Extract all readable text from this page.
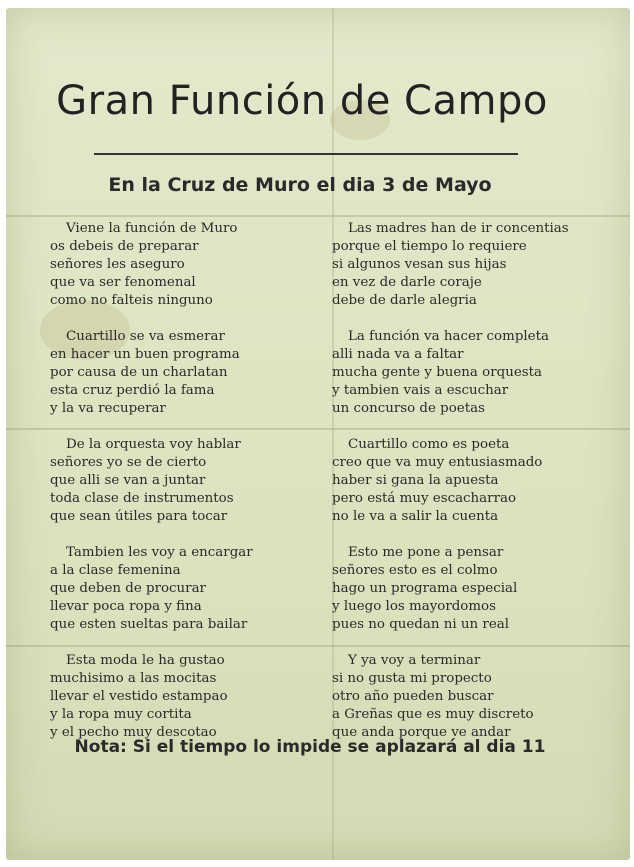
Gran Función de Campo
En la Cruz de Muro el dia 3 de Mayo
Viene la función de Muro
os debeis de preparar
señores les aseguro
que va ser fenomenal
como no falteis ninguno
Cuartillo se va esmerar
en hacer un buen programa
por causa de un charlatan
esta cruz perdió la fama
y la va recuperar
De la orquesta voy hablar
señores yo se de cierto
que alli se van a juntar
toda clase de instrumentos
que sean útiles para tocar
Tambien les voy a encargar
a la clase femenina
que deben de procurar
llevar poca ropa y fina
que esten sueltas para bailar
Esta moda le ha gustao
muchisimo a las mocitas
llevar el vestido estampao
y la ropa muy cortita
y el pecho muy descotao
Las madres han de ir concentias
porque el tiempo lo requiere
si algunos vesan sus hijas
en vez de darle coraje
debe de darle alegria
La función va hacer completa
alli nada va a faltar
mucha gente y buena orquesta
y tambien vais a escuchar
un concurso de poetas
Cuartillo como es poeta
creo que va muy entusiasmado
haber si gana la apuesta
pero está muy escacharrao
no le va a salir la cuenta
Esto me pone a pensar
señores esto es el colmo
hago un programa especial
y luego los mayordomos
pues no quedan ni un real
Y ya voy a terminar
si no gusta mi propecto
otro año pueden buscar
a Greñas que es muy discreto
que anda porque ve andar
Nota: Si el tiempo lo impide se aplazará al dia 11
